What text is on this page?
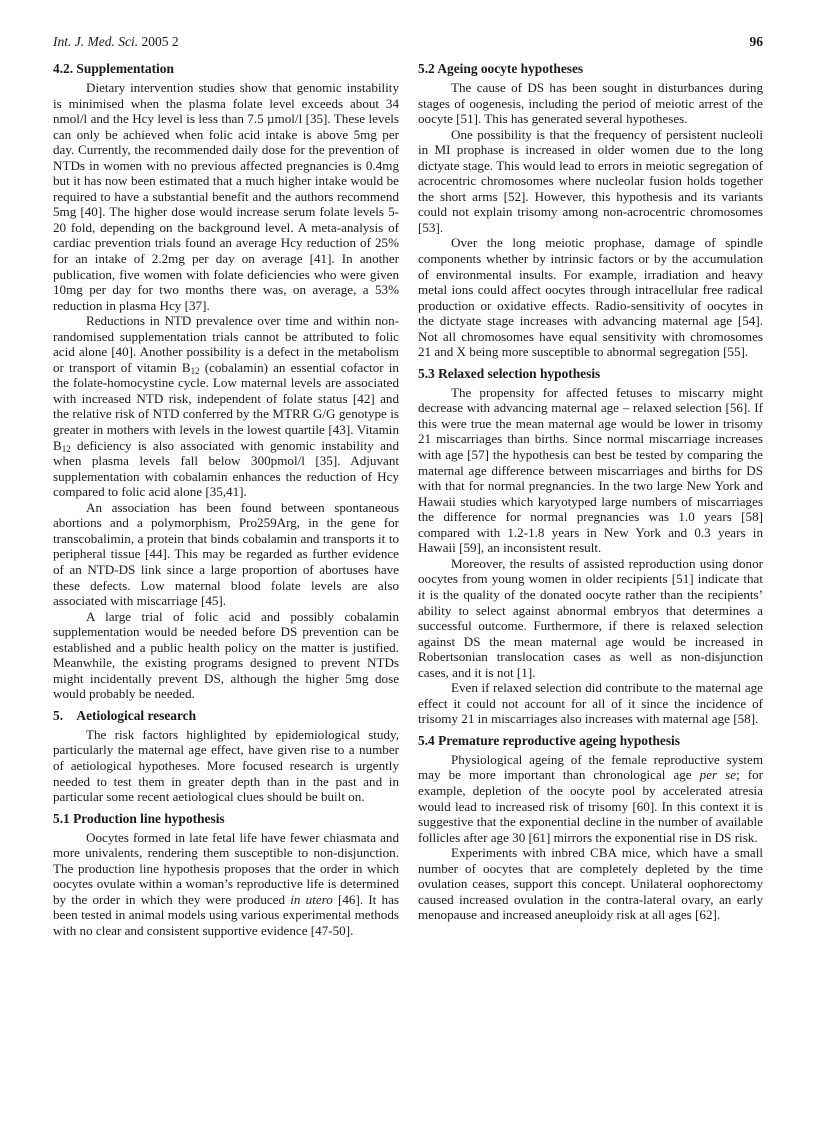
Int. J. Med. Sci. 2005 2	96
4.2. Supplementation

Dietary intervention studies show that genomic instability is minimised when the plasma folate level exceeds about 34 nmol/l and the Hcy level is less than 7.5 µmol/l [35]. These levels can only be achieved when folic acid intake is above 5mg per day. Currently, the recommended daily dose for the prevention of NTDs in women with no previous affected pregnancies is 0.4mg but it has now been estimated that a much higher intake would be required to have a substantial benefit and the authors recommend 5mg [40]. The higher dose would increase serum folate levels 5-20 fold, depending on the background level. A meta-analysis of cardiac prevention trials found an average Hcy reduction of 25% for an intake of 2.2mg per day on average [41]. In another publication, five women with folate deficiencies who were given 10mg per day for two months there was, on average, a 53% reduction in plasma Hcy [37].

Reductions in NTD prevalence over time and within non-randomised supplementation trials cannot be attributed to folic acid alone [40]. Another possibility is a defect in the metabolism or transport of vitamin $B_{12}$ (cobalamin) an essential cofactor in the folate-homocystine cycle. Low maternal levels are associated with increased NTD risk, independent of folate status [42] and the relative risk of NTD conferred by the MTRR G/G genotype is greater in mothers with levels in the lowest quartile [43]. Vitamin $B_{12}$ deficiency is also associated with genomic instability and when plasma levels fall below 300pmol/l [35]. Adjuvant supplementation with cobalamin enhances the reduction of Hcy compared to folic acid alone [35,41].

An association has been found between spontaneous abortions and a polymorphism, Pro259Arg, in the gene for transcobalimin, a protein that binds cobalamin and transports it to peripheral tissue [44]. This may be regarded as further evidence of an NTD-DS link since a large proportion of abortuses have these defects. Low maternal blood folate levels are also associated with miscarriage [45].

A large trial of folic acid and possibly cobalamin supplementation would be needed before DS prevention can be established and a public health policy on the matter is justified. Meanwhile, the existing programs designed to prevent NTDs might incidentally prevent DS, although the higher 5mg dose would probably be needed.

5. Aetiological research

The risk factors highlighted by epidemiological study, particularly the maternal age effect, have given rise to a number of aetiological hypotheses. More focused research is urgently needed to test them in greater depth than in the past and in particular some recent aetiological clues should be built on.

5.1 Production line hypothesis

Oocytes formed in late fetal life have fewer chiasmata and more univalents, rendering them susceptible to non-disjunction. The production line hypothesis proposes that the order in which oocytes ovulate within a woman’s reproductive life is determined by the order in which they were produced in utero [46]. It has been tested in animal models using various experimental methods with no clear and consistent supportive evidence [47-50].

5.2 Ageing oocyte hypotheses

The cause of DS has been sought in disturbances during stages of oogenesis, including the period of meiotic arrest of the oocyte [51]. This has generated several hypotheses.

One possibility is that the frequency of persistent nucleoli in MI prophase is increased in older women due to the long dictyate stage. This would lead to errors in meiotic segregation of acrocentric chromosomes where nucleolar fusion holds together the short arms [52]. However, this hypothesis and its variants could not explain trisomy among non-acrocentric chromosomes [53].

Over the long meiotic prophase, damage of spindle components whether by intrinsic factors or by the accumulation of environmental insults. For example, irradiation and heavy metal ions could affect oocytes through intracellular free radical production or oxidative effects. Radio-sensitivity of oocytes in the dictyate stage increases with advancing maternal age [54]. Not all chromosomes have equal sensitivity with chromosomes 21 and X being more susceptible to abnormal segregation [55].

5.3 Relaxed selection hypothesis

The propensity for affected fetuses to miscarry might decrease with advancing maternal age – relaxed selection [56]. If this were true the mean maternal age would be lower in trisomy 21 miscarriages than births. Since normal miscarriage increases with age [57] the hypothesis can best be tested by comparing the maternal age difference between miscarriages and births for DS with that for normal pregnancies. In the two large New York and Hawaii studies which karyotyped large numbers of miscarriages the difference for normal pregnancies was 1.0 years [58] compared with 1.2-1.8 years in New York and 0.3 years in Hawaii [59], an inconsistent result.

Moreover, the results of assisted reproduction using donor oocytes from young women in older recipients [51] indicate that it is the quality of the donated oocyte rather than the recipients’ ability to select against abnormal embryos that determines a successful outcome. Furthermore, if there is relaxed selection against DS the mean maternal age would be increased in Robertsonian translocation cases as well as non-disjunction cases, and it is not [1].

Even if relaxed selection did contribute to the maternal age effect it could not account for all of it since the incidence of trisomy 21 in miscarriages also increases with maternal age [58].

5.4 Premature reproductive ageing hypothesis

Physiological ageing of the female reproductive system may be more important than chronological age per se; for example, depletion of the oocyte pool by accelerated atresia would lead to increased risk of trisomy [60]. In this context it is suggestive that the exponential decline in the number of available follicles after age 30 [61] mirrors the exponential rise in DS risk.

Experiments with inbred CBA mice, which have a small number of oocytes that are completely depleted by the time ovulation ceases, support this concept. Unilateral oophorectomy caused increased ovulation in the contra-lateral ovary, an early menopause and increased aneuploidy risk at all ages [62].
